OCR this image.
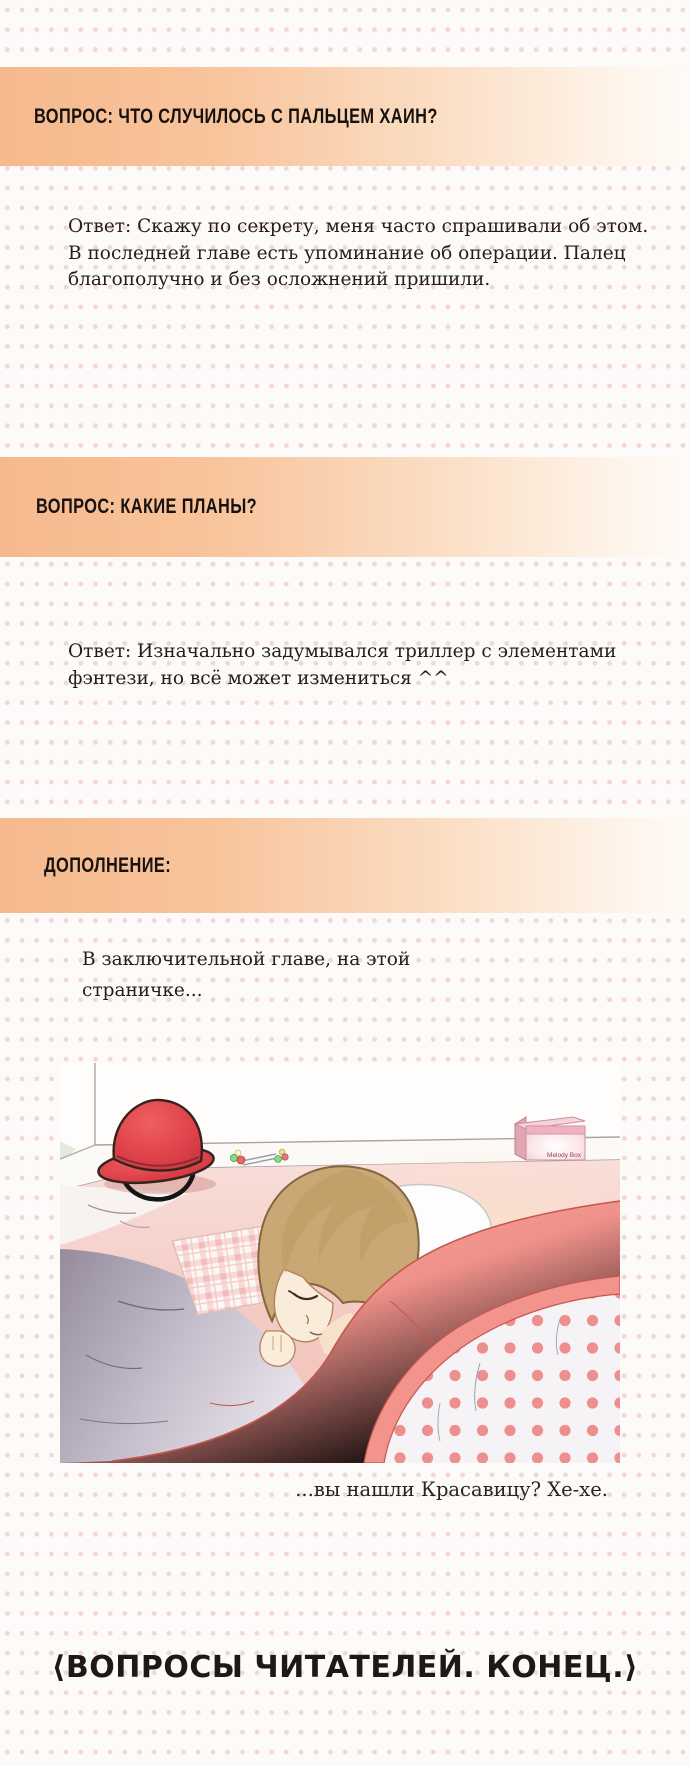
ВОПРОС: ЧТО СЛУЧИЛОСЬ С ПАЛЬЦЕМ ХАИН?
Ответ: Скажу по секрету, меня часто спрашивали об этом.
В последней главе есть упоминание об операции. Палец
благополучно и без осложнений пришили.
ВОПРОС: КАКИЕ ПЛАНЫ?
Ответ: Изначально задумывался триллер с элементами
фэнтези, но всё может измениться ^^
ДОПОЛНЕНИЕ:
В заключительной главе, на этой
страничке...
Melody Box
...вы нашли Красавицу? Хе-хе.
⟨ВОПРОСЫ ЧИТАТЕЛЕЙ. КОНЕЦ.⟩
